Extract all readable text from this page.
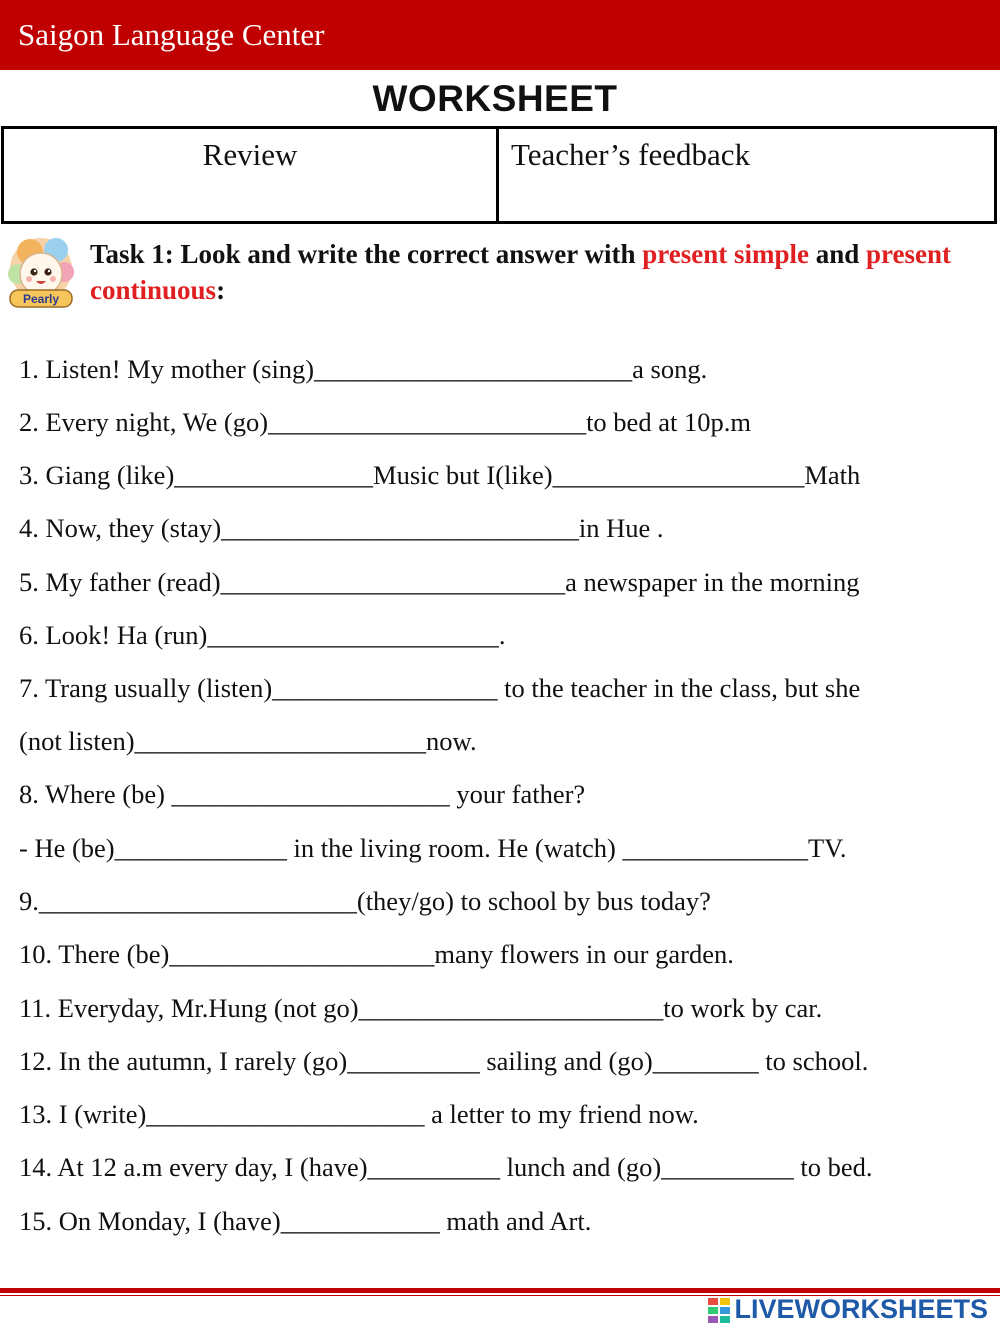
Saigon Language Center
WORKSHEET
Review	Teacher’s feedback
Pearly
Task 1: Look and write the correct answer with present simple and present continuous:
1. Listen! My mother (sing)________________________a song.
2. Every night, We (go)________________________to bed at 10p.m
3. Giang (like)_______________Music but I(like)___________________Math
4. Now, they (stay)___________________________in Hue .
5. My father (read)__________________________a newspaper in the morning
6. Look! Ha (run)______________________.
7. Trang usually (listen)_________________ to the teacher in the class, but she
(not listen)______________________now.
8. Where (be) _____________________ your father?
- He (be)_____________ in the living room. He (watch) ______________TV.
9.________________________(they/go) to school by bus today?
10. There (be)____________________many flowers in our garden.
11. Everyday, Mr.Hung (not go)_______________________to work by car.
12. In the autumn, I rarely (go)__________ sailing and (go)________ to school.
13. I (write)_____________________ a letter to my friend now.
14. At 12 a.m every day, I (have)__________ lunch and (go)__________ to bed.
15. On Monday, I (have)____________ math and Art.
LIVEWORKSHEETS
